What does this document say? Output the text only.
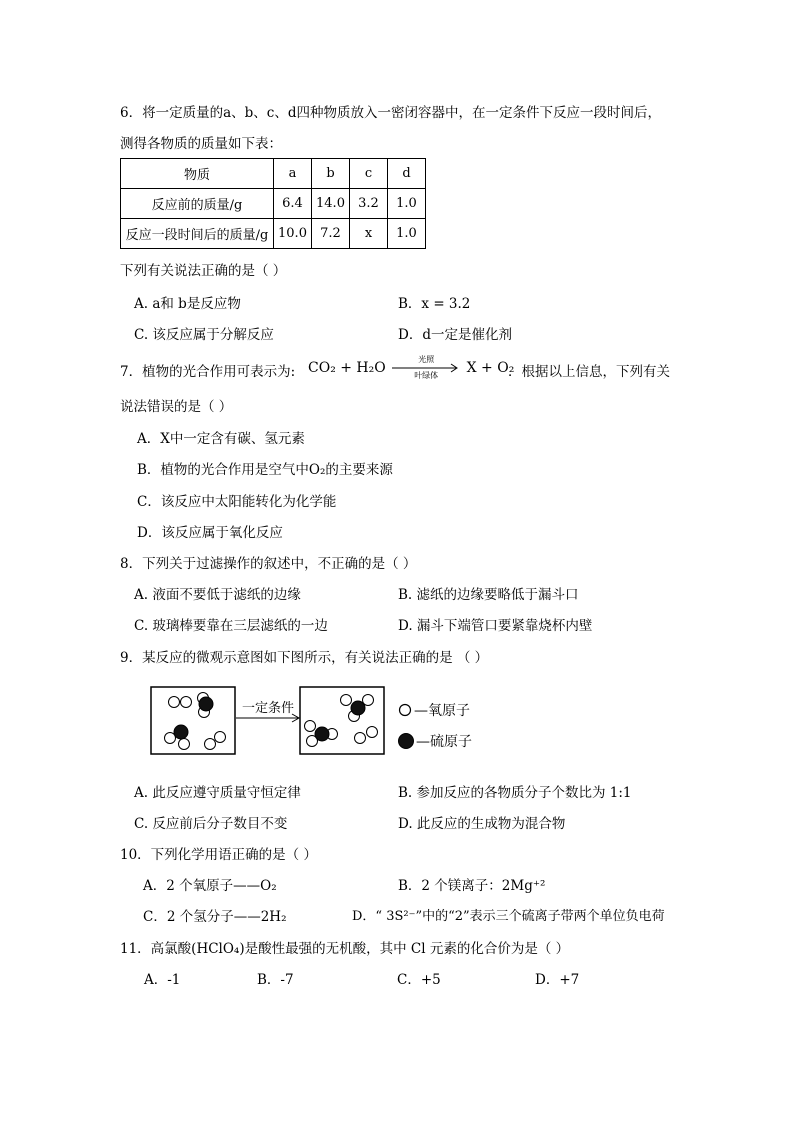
6．将一定质量的a、b、c、d四种物质放入一密闭容器中，在一定条件下反应一段时间后，
测得各物质的质量如下表：
物质	a	b	c	d
反应前的质量/g	6.4	14.0	3.2	1.0
反应一段时间后的质量/g	10.0	7.2	x	1.0
下列有关说法正确的是（ ）
A. a和 b是反应物	B．x = 3.2
C. 该反应属于分解反应	D．d一定是催化剂
7．植物的光合作用可表示为: CO₂ + H₂O
光照
叶绿体	X + O₂
．根据以上信息，下列有关
说法错误的是（ ）
A．X中一定含有碳、氢元素
B．植物的光合作用是空气中O₂的主要来源
C．该反应中太阳能转化为化学能
D．该反应属于氧化反应
8．下列关于过滤操作的叙述中，不正确的是（ ）
A. 液面不要低于滤纸的边缘	B. 滤纸的边缘要略低于漏斗口
C. 玻璃棒要靠在三层滤纸的一边	D. 漏斗下端管口要紧靠烧杯内壁
9．某反应的微观示意图如下图所示，有关说法正确的是 （ ）
一定条件	—氧原子
—硫原子
A. 此反应遵守质量守恒定律	B. 参加反应的各物质分子个数比为 1:1
C. 反应前后分子数目不变	D. 此反应的生成物为混合物
10．下列化学用语正确的是（ ）
A．2 个氧原子——O₂	B．2 个镁离子：2Mg⁺²
C．2 个氢分子——2H₂	D．“ 3S²⁻”中的“2”表示三个硫离子带两个单位负电荷
11．高氯酸(HClO₄)是酸性最强的无机酸，其中 Cl 元素的化合价为是（ ）
A．-1	B．-7	C．+5	D．+7
